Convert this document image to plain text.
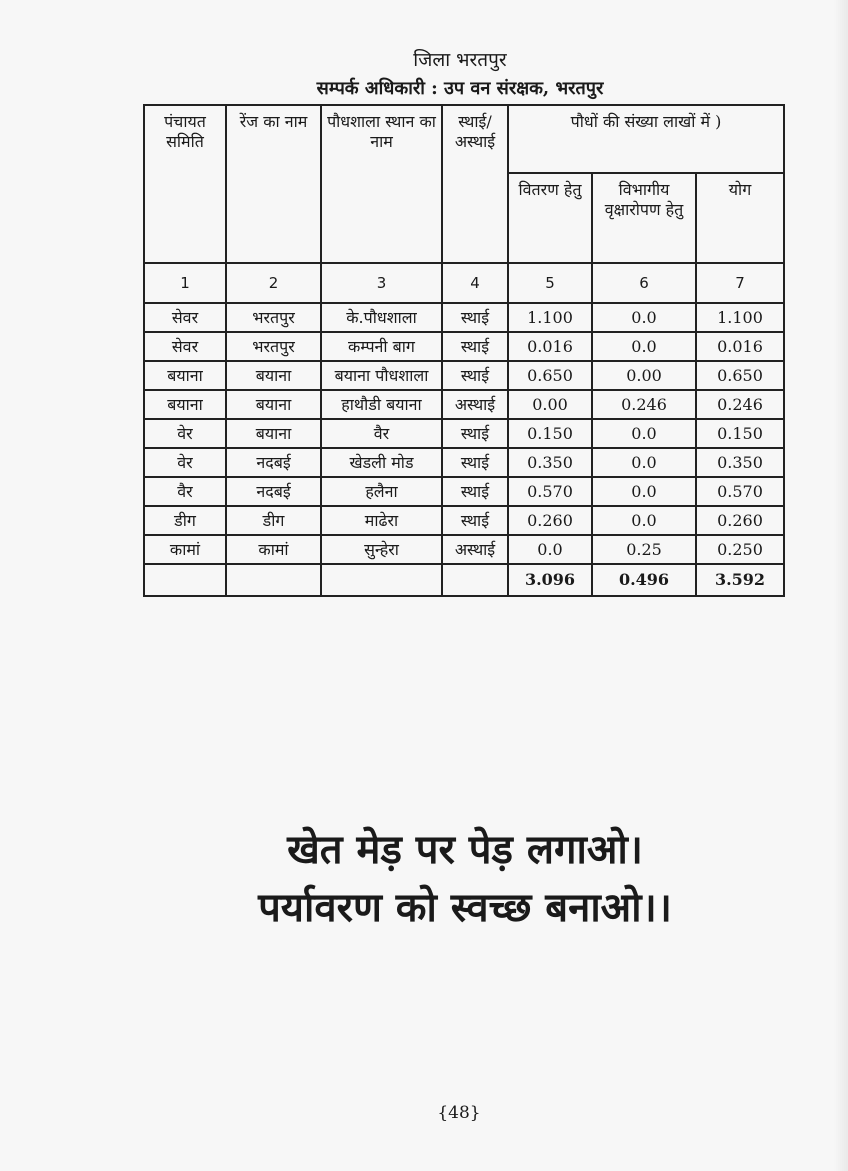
जिला भरतपुर
सम्पर्क अधिकारी : उप वन संरक्षक, भरतपुर
पंचायत समिति	रेंज का नाम	पौधशाला स्थान का नाम	स्थाई/ अस्थाई	पौधों की संख्या लाखों में )		
				वितरण हेतु	विभागीय वृक्षारोपण हेतु	योग
1	2	3	4	5	6	7
सेवर	भरतपुर	के.पौधशाला	स्थाई	1.100	0.0	1.100
सेवर	भरतपुर	कम्पनी बाग	स्थाई	0.016	0.0	0.016
बयाना	बयाना	बयाना पौधशाला	स्थाई	0.650	0.00	0.650
बयाना	बयाना	हाथौडी बयाना	अस्थाई	0.00	0.246	0.246
वेर	बयाना	वैर	स्थाई	0.150	0.0	0.150
वेर	नदबई	खेडली मोड	स्थाई	0.350	0.0	0.350
वैर	नदबई	हलैना	स्थाई	0.570	0.0	0.570
डीग	डीग	माढेरा	स्थाई	0.260	0.0	0.260
कामां	कामां	सुन्हेरा	अस्थाई	0.0	0.25	0.250
				3.096	0.496	3.592
खेत मेड़ पर पेड़ लगाओ।
पर्यावरण को स्वच्छ बनाओ।।
{48}
